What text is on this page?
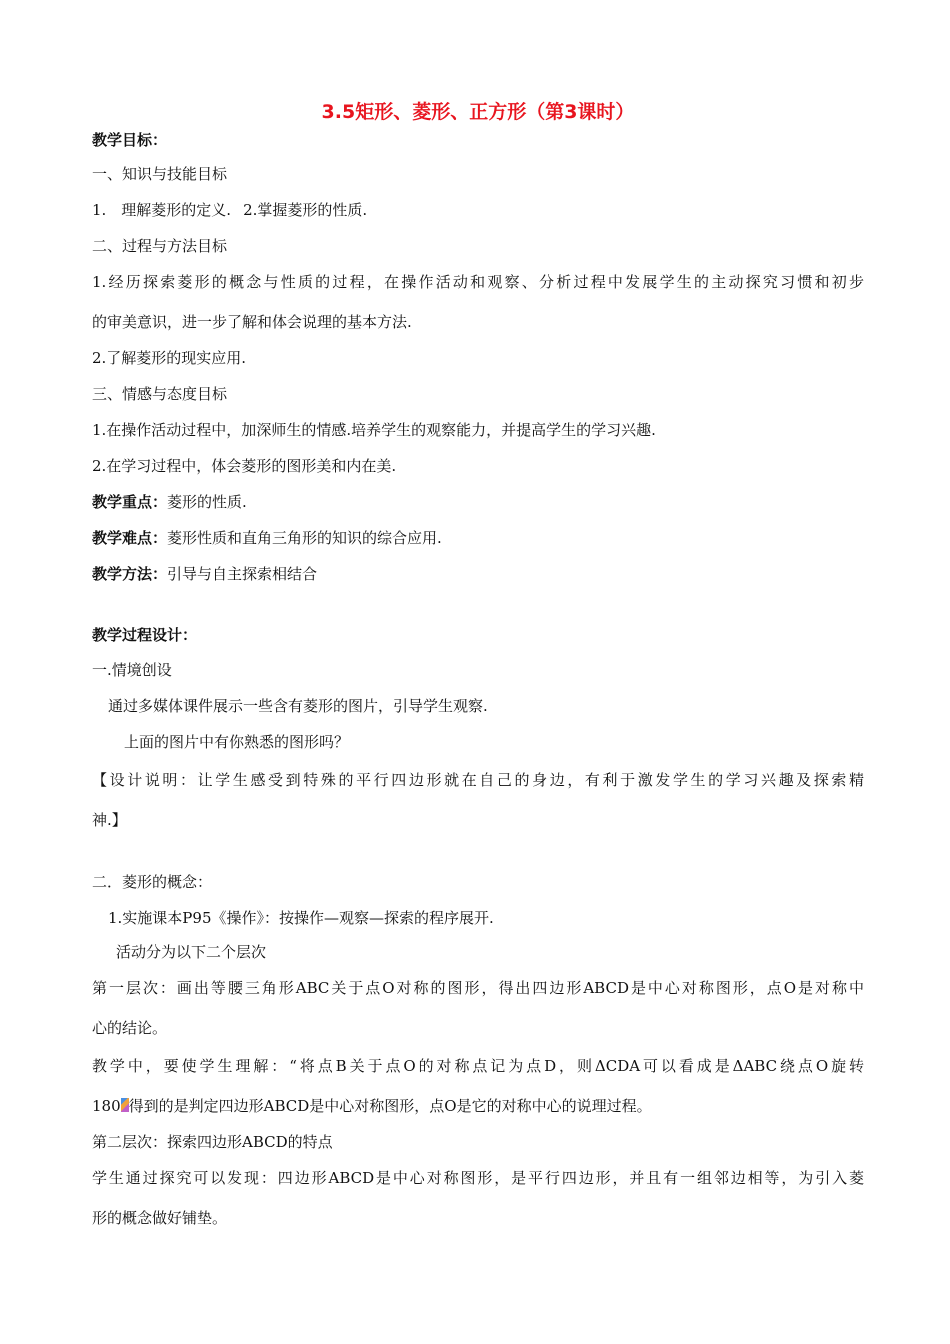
3.5矩形、菱形、正方形（第3课时）
教学目标：
一、知识与技能目标
1.　理解菱形的定义. 2.掌握菱形的性质.
二、过程与方法目标
1.经历探索菱形的概念与性质的过程，在操作活动和观察、分析过程中发展学生的主动探究习惯和初步
的审美意识，进一步了解和体会说理的基本方法.
2.了解菱形的现实应用.
三、情感与态度目标
1.在操作活动过程中，加深师生的情感.培养学生的观察能力，并提高学生的学习兴趣.
2.在学习过程中，体会菱形的图形美和内在美.
教学重点：菱形的性质.
教学难点：菱形性质和直角三角形的知识的综合应用.
教学方法：引导与自主探索相结合
教学过程设计：
一.情境创设
通过多媒体课件展示一些含有菱形的图片，引导学生观察.
上面的图片中有你熟悉的图形吗？
【设计说明：让学生感受到特殊的平行四边形就在自己的身边，有利于激发学生的学习兴趣及探索精
神.】
二．菱形的概念：
1.实施课本P95《操作》：按操作—观察—探索的程序展开.
活动分为以下二个层次
第一层次：画出等腰三角形ABC关于点O对称的图形，得出四边形ABCD是中心对称图形，点O是对称中
心的结论。
教学中，要使学生理解：“将点B关于点O的对称点记为点D，则ΔCDA可以看成是ΔABC绕点O旋转
180 得到的是判定四边形ABCD是中心对称图形，点O是它的对称中心的说理过程。
第二层次：探索四边形ABCD的特点
学生通过探究可以发现：四边形ABCD是中心对称图形，是平行四边形，并且有一组邻边相等，为引入菱
形的概念做好铺垫。
